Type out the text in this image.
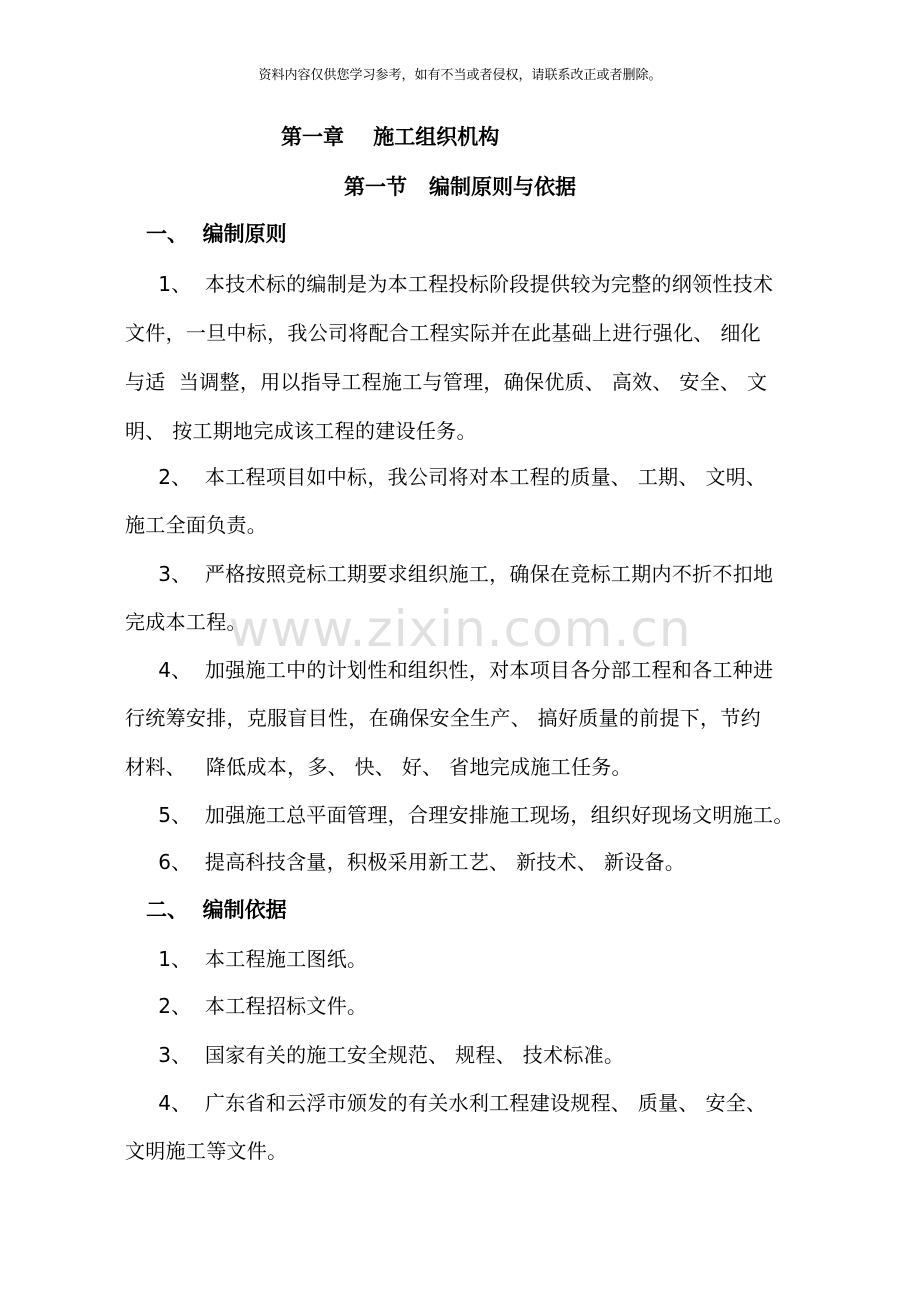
资料内容仅供您学习参考，如有不当或者侵权，请联系改正或者删除。
第一章    施工组织机构
第一节   编制原则与依据
一、  编制原则
1、  本技术标的编制是为本工程投标阶段提供较为完整的纲领性技术
文件，一旦中标，我公司将配合工程实际并在此基础上进行强化、 细化
与适  当调整，用以指导工程施工与管理，确保优质、 高效、 安全、 文
明、 按工期地完成该工程的建设任务。
2、  本工程项目如中标，我公司将对本工程的质量、 工期、 文明、
施工全面负责。
3、  严格按照竞标工期要求组织施工，确保在竞标工期内不折不扣地
完成本工程。
4、  加强施工中的计划性和组织性，对本项目各分部工程和各工种进
行统筹安排，克服盲目性，在确保安全生产、 搞好质量的前提下，节约
材料、   降低成本，多、 快、 好、 省地完成施工任务。
5、  加强施工总平面管理，合理安排施工现场，组织好现场文明施工。
6、  提高科技含量，积极采用新工艺、 新技术、 新设备。
二、  编制依据
1、  本工程施工图纸。
2、  本工程招标文件。
3、  国家有关的施工安全规范、 规程、 技术标准。
4、  广东省和云浮市颁发的有关水利工程建设规程、 质量、 安全、
文明施工等文件。
www.zixin.com.cn
